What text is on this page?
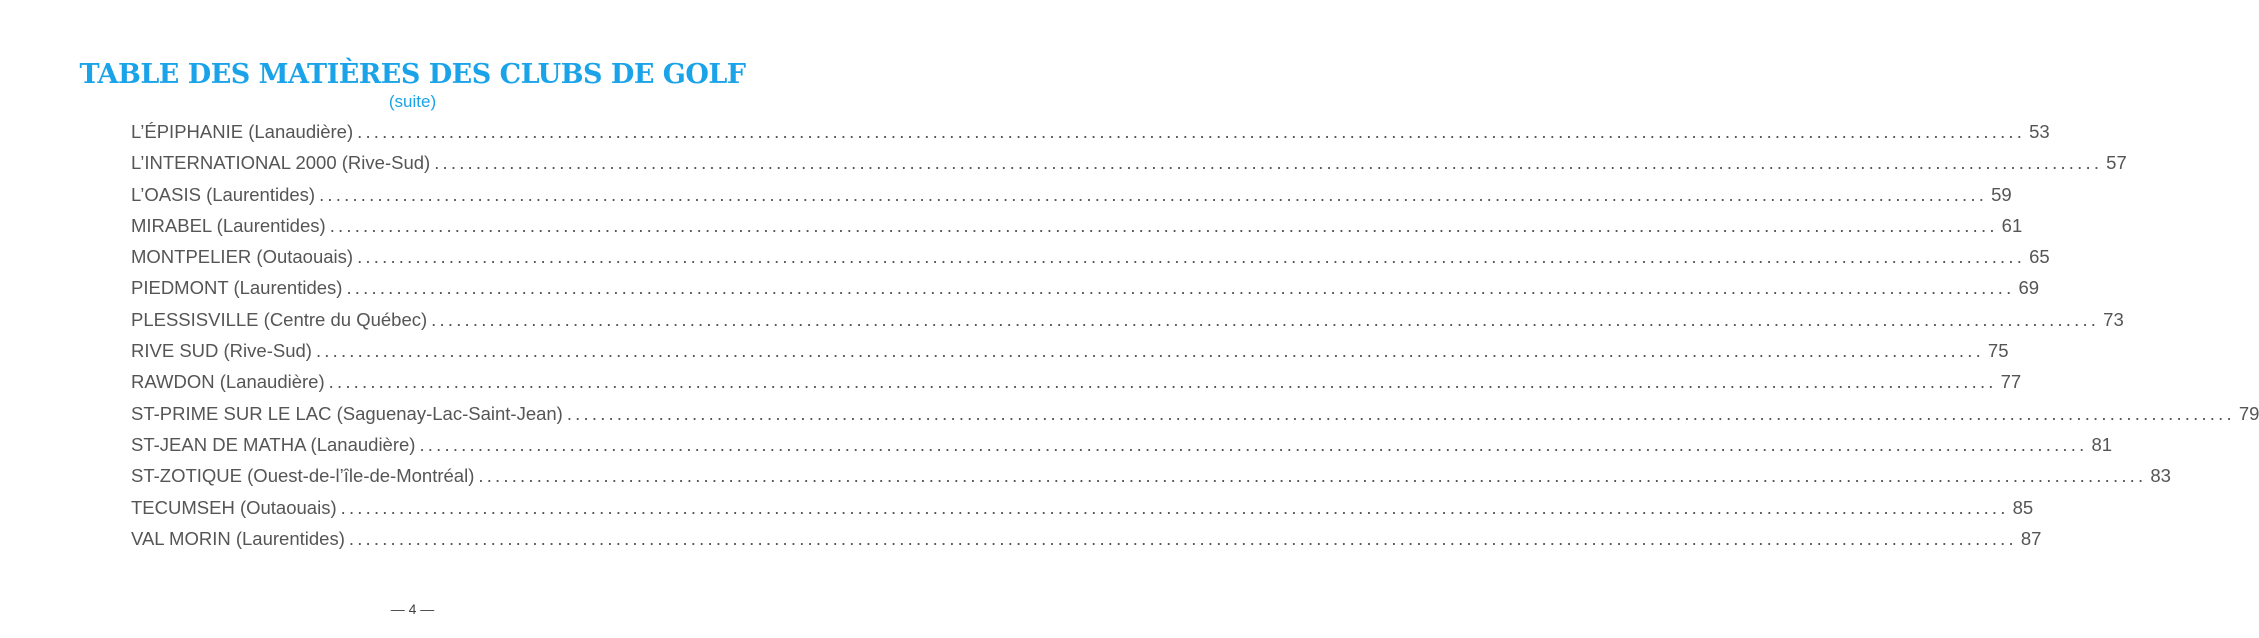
TABLE DES MATIÈRES DES CLUBS DE GOLF
(suite)
L’ÉPIPHANIE (Lanaudière) ........................................................................................................................................................................................................ 53
L’INTERNATIONAL 2000 (Rive-Sud) ........................................................................................................................................................................................................ 57
L’OASIS (Laurentides) ........................................................................................................................................................................................................ 59
MIRABEL (Laurentides) ........................................................................................................................................................................................................ 61
MONTPELIER (Outaouais) ........................................................................................................................................................................................................ 65
PIEDMONT (Laurentides) ........................................................................................................................................................................................................ 69
PLESSISVILLE (Centre du Québec) ........................................................................................................................................................................................................ 73
RIVE SUD (Rive-Sud) ........................................................................................................................................................................................................ 75
RAWDON (Lanaudière) ........................................................................................................................................................................................................ 77
ST-PRIME SUR LE LAC (Saguenay-Lac-Saint-Jean) ........................................................................................................................................................................................................ 79
ST-JEAN DE MATHA (Lanaudière) ........................................................................................................................................................................................................ 81
ST-ZOTIQUE (Ouest-de-l’île-de-Montréal) ........................................................................................................................................................................................................ 83
TECUMSEH (Outaouais) ........................................................................................................................................................................................................ 85
VAL MORIN (Laurentides) ........................................................................................................................................................................................................ 87
— 4 —
